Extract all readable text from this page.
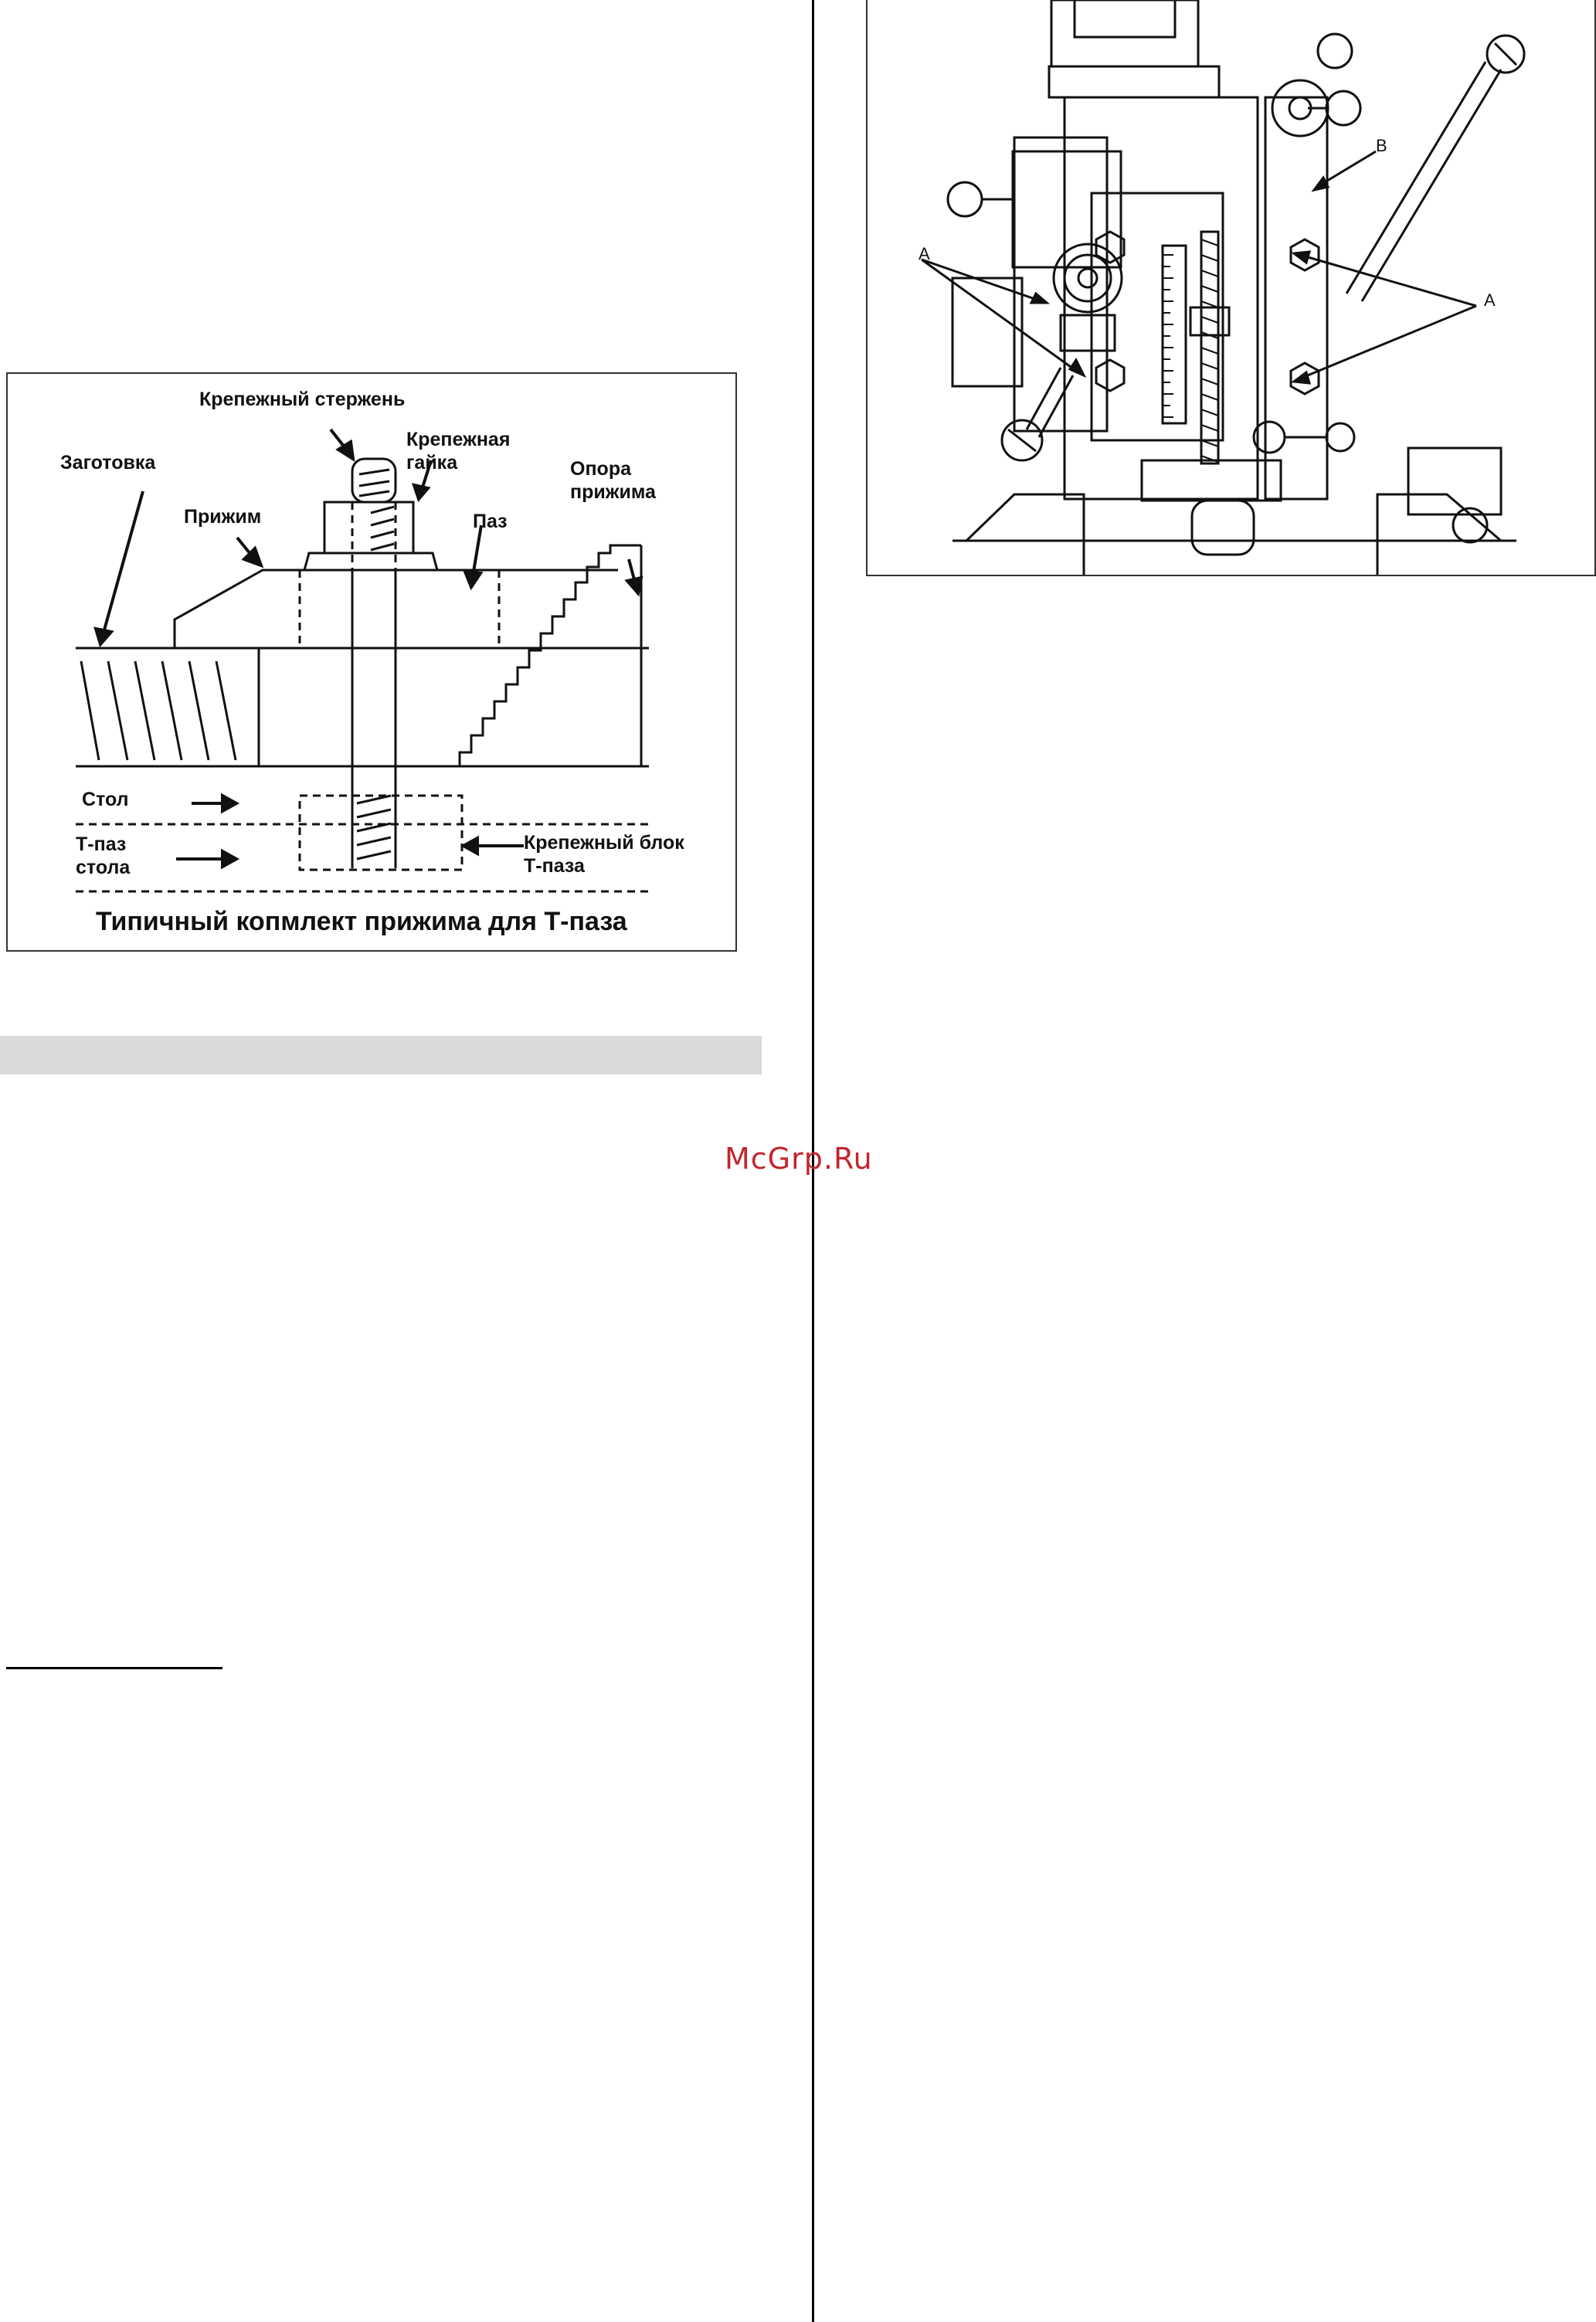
Крепежный стержень
Крепежная
гайка
Заготовка
Прижим	Паз
Опора
прижима
Стол
Т-паз
стола
Крепежный блок
Т-паза
Типичный копмлект прижима для Т-паза
McGrp.Ru
A
A
B
